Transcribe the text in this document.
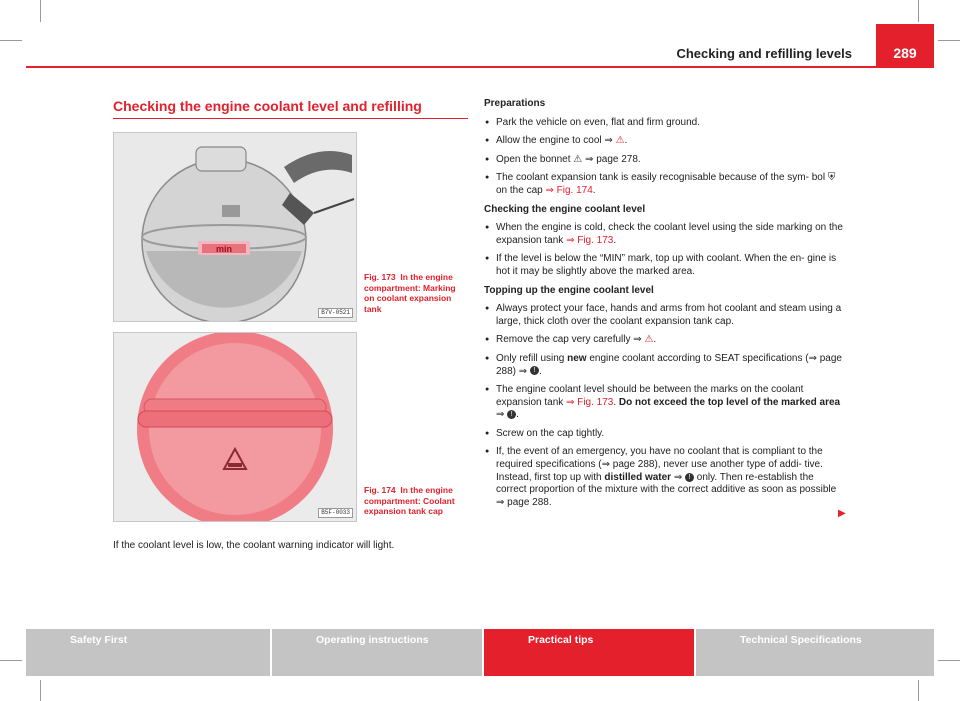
Checking and refilling levels	289
Checking the engine coolant level and refilling
min
B7V-0521
Fig. 173 In the engine compartment: Marking on coolant expansion tank
B5F-0033
Fig. 174 In the engine compartment: Coolant expansion tank cap
If the coolant level is low, the coolant warning indicator will light.
Preparations
● Park the vehicle on even, flat and firm ground.
● Allow the engine to cool ⇒ ⚠.
● Open the bonnet ⚠ ⇒ page 278.
● The coolant expansion tank is easily recognisable because of the sym- bol ⛨ on the cap ⇒ Fig. 174.
Checking the engine coolant level
● When the engine is cold, check the coolant level using the side marking on the expansion tank ⇒ Fig. 173.
● If the level is below the “MIN” mark, top up with coolant. When the en- gine is hot it may be slightly above the marked area.
Topping up the engine coolant level
● Always protect your face, hands and arms from hot coolant and steam using a large, thick cloth over the coolant expansion tank cap.
● Remove the cap very carefully ⇒ ⚠.
● Only refill using new engine coolant according to SEAT specifications (⇒ page 288) ⇒ ! .
● The engine coolant level should be between the marks on the coolant expansion tank ⇒ Fig. 173. Do not exceed the top level of the marked area ⇒ ! .
● Screw on the cap tightly.
● If, the event of an emergency, you have no coolant that is compliant to the required specifications (⇒ page 288), never use another type of addi- tive. Instead, first top up with distilled water ⇒ ! only. Then re-establish the correct proportion of the mixture with the correct additive as soon as possible ⇒ page 288.
▶
Safety First	Operating instructions	Practical tips	Technical Specifications
